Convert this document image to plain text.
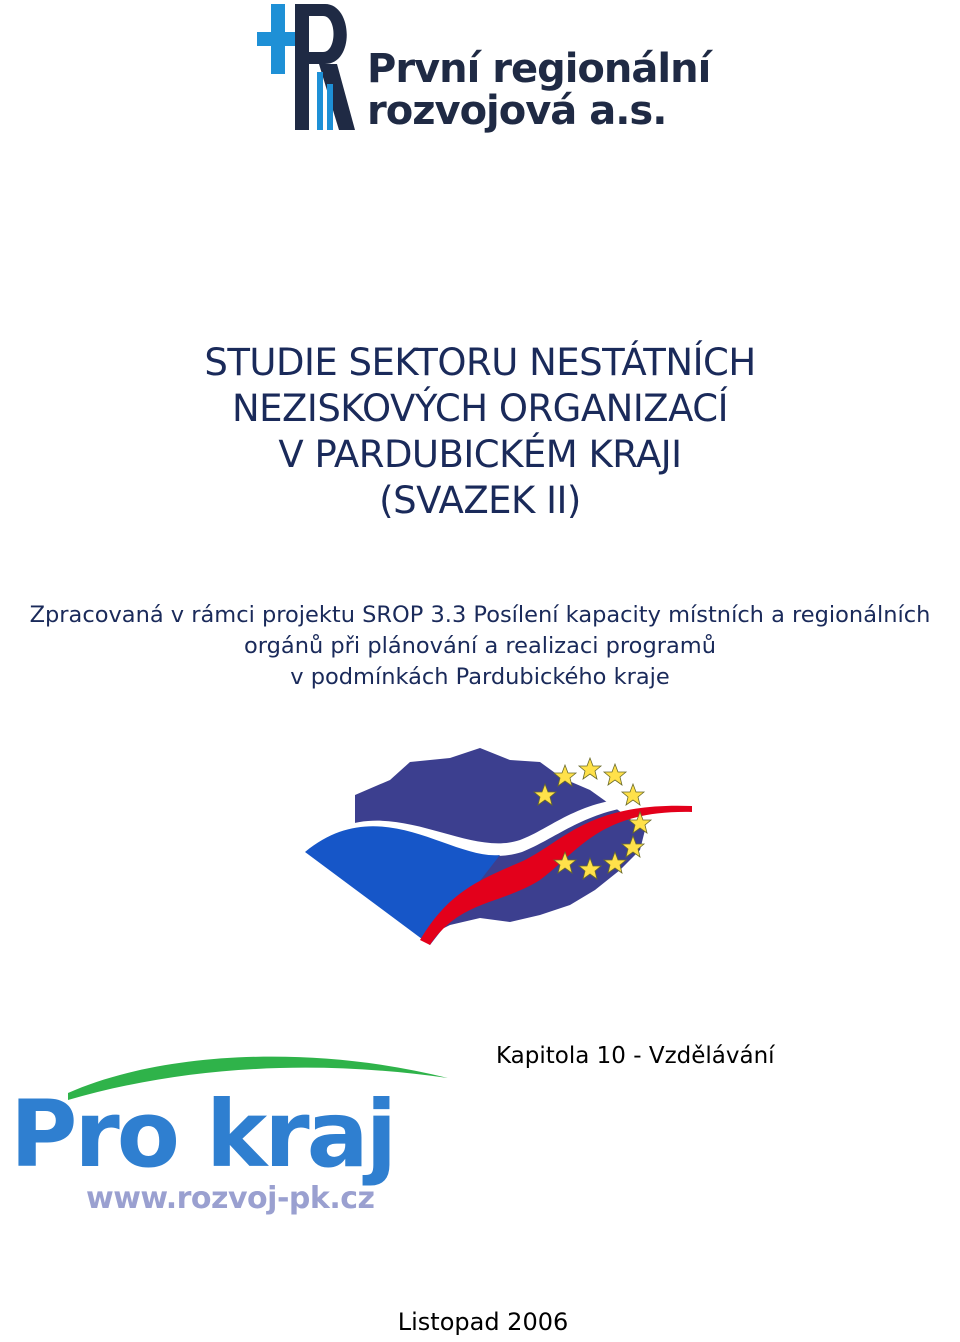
První regionální
rozvojová a.s.
STUDIE SEKTORU NESTÁTNÍCH
NEZISKOVÝCH ORGANIZACÍ
V PARDUBICKÉM KRAJI
(SVAZEK II)
Zpracovaná v rámci projektu SROP 3.3 Posílení kapacity místních a regionálních
orgánů při plánování a realizaci programů
v podmínkách Pardubického kraje
Pro kraj
www.rozvoj-pk.cz
Kapitola 10 - Vzdělávání
Listopad 2006
